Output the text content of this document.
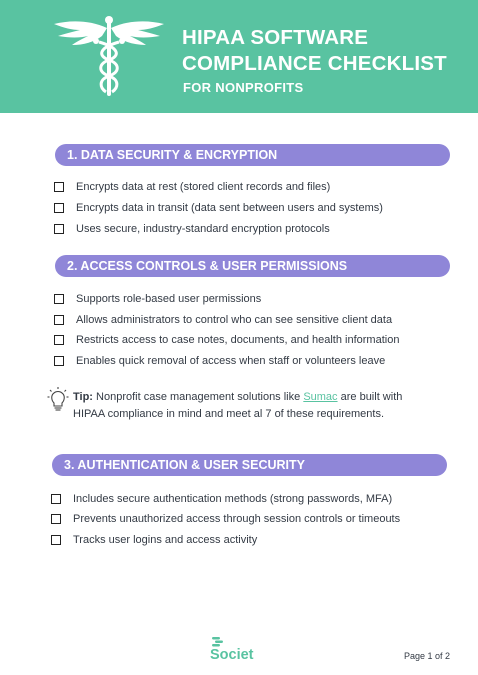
HIPAA SOFTWARE
COMPLIANCE CHECKLIST
FOR NONPROFITS
1. DATA SECURITY & ENCRYPTION
Encrypts data at rest (stored client records and files)
Encrypts data in transit (data sent between users and systems)
Uses secure, industry-standard encryption protocols
2. ACCESS CONTROLS & USER PERMISSIONS
Supports role-based user permissions
Allows administrators to control who can see sensitive client data
Restricts access to case notes, documents, and health information
Enables quick removal of access when staff or volunteers leave
Tip: Nonprofit case management solutions like Sumac are built with HIPAA compliance in mind and meet al 7 of these requirements.
3. AUTHENTICATION & USER SECURITY
Includes secure authentication methods (strong passwords, MFA)
Prevents unauthorized access through session controls or timeouts
Tracks user logins and access activity
Societ	Page 1 of 2
